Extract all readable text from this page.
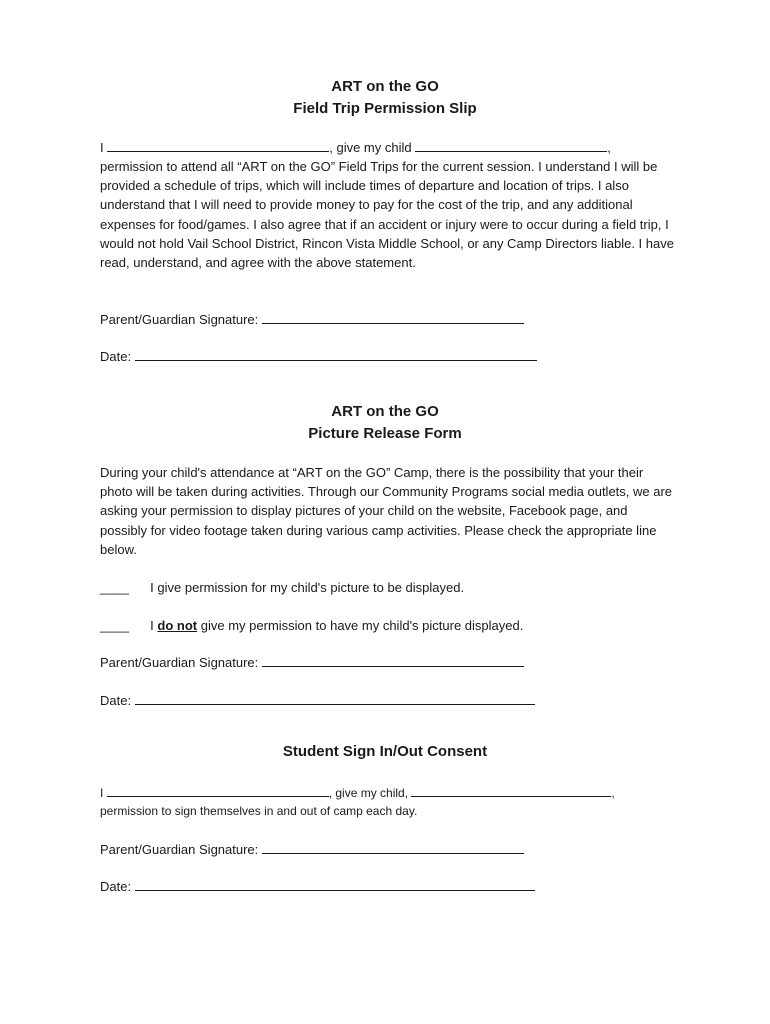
ART on the GO

Field Trip Permission Slip

I	, give my child	,

permission to attend all “ART on the GO” Field Trips for the current session. I understand I will be provided a schedule of trips, which will include times of departure and location of trips. I also understand that I will need to provide money to pay for the cost of the trip, and any additional expenses for food/games. I also agree that if an accident or injury were to occur during a field trip, I would not hold Vail School District, Rincon Vista Middle School, or any Camp Directors liable. I have read, understand, and agree with the above statement.

Parent/Guardian Signature:

Date:

ART on the GO

Picture Release Form

During your child's attendance at “ART on the GO” Camp, there is the possibility that your their photo will be taken during activities. Through our Community Programs social media outlets, we are asking your permission to display pictures of your child on the website, Facebook page, and possibly for video footage taken during various camp activities. Please check the appropriate line below.

____ I give permission for my child's picture to be displayed.

____ I do not give my permission to have my child's picture displayed.

Parent/Guardian Signature:

Date:

Student Sign In/Out Consent

I	, give my child,	,

permission to sign themselves in and out of camp each day.

Parent/Guardian Signature:

Date:
